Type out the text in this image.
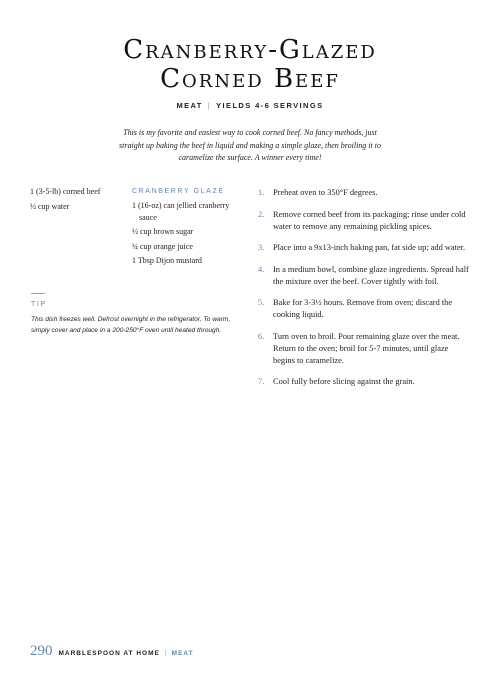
Cranberry-Glazed
Corned Beef
MEAT | YIELDS 4-6 SERVINGS

This is my favorite and easiest way to cook corned beef. No fancy methods, just straight up baking the beef in liquid and making a simple glaze, then broiling it to caramelize the surface. A winner every time!

1 (3-5-lb) corned beef
½ cup water
CRANBERRY GLAZE
1 (16-oz) can jellied cranberry sauce
½ cup brown sugar
¼ cup orange juice
1 Tbsp Dijon mustard
TIP

This dish freezes well. Defrost overnight in the refrigerator. To warm, simply cover and place in a 200-250°F oven until heated through.

1. Preheat oven to 350°F degrees.
2. Remove corned beef from its packaging; rinse under cold water to remove any remaining pickling spices.
3. Place into a 9x13-inch baking pan, fat side up; add water.
4. In a medium bowl, combine glaze ingredients. Spread half the mixture over the beef. Cover tightly with foil.
5. Bake for 3-3½ hours. Remove from oven; discard the cooking liquid.
6. Turn oven to broil. Pour remaining glaze over the meat. Return to the oven; broil for 5-7 minutes, until glaze begins to caramelize.
7. Cool fully before slicing against the grain.
290 MARBLESPOON AT HOME | MEAT
